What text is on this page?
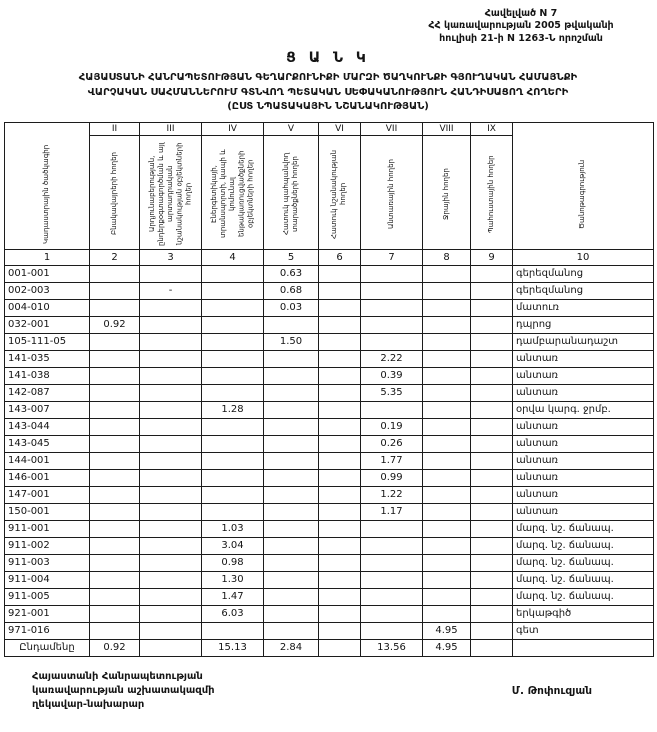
Հավելված N 7
ՀՀ կառավարության 2005 թվականի
հուլիսի 21-ի N 1263-Ն որոշման
Ց Ա Ն Կ
ՀԱՅԱՍՏԱՆԻ ՀԱՆՐԱՊԵՏՈՒԹՅԱՆ ԳԵՂԱՐՔՈՒՆԻՔԻ ՄԱՐԶԻ ԾԱՂԿՈՒՆՔԻ ԳՅՈՒՂԱԿԱՆ ՀԱՄԱՅՆՔԻ
ՎԱՐՉԱԿԱՆ ՍԱՀՄԱՆՆԵՐՈՒՄ ԳՏՆՎՈՂ ՊԵՏԱԿԱՆ ՍԵՓԱԿԱՆՈՒԹՅՈՒՆ ՀԱՆԴԻՍԱՑՈՂ ՀՈՂԵՐԻ
(ԸՍՏ ՆՊԱՏԱԿԱՅԻՆ ՆՇԱՆԱԿՈՒԹՅԱՆ)
Կադաստրային ծածկագիր	II	III	IV	V	VI	VII	VIII	IX	Ծանոթագրություն

	Բնակավայրերի հողեր	Արդյունաբերության, ընդերքօգտագործման և այլ արտադրական նշանակության օբյեկտների հողեր	Էներգետիկայի, տրանսպորտի, կապի և կոմունալ ենթակառուցվածքների օբյեկտների հողեր	Հատուկ պահպանվող տարածքների հողեր	Հատուկ նշանակության հողեր	Անտառային հողեր	Ջրային հողեր	Պահուստային հողեր	

1	2	3	4	5	6	7	8	9	10
001-001				0.63					գերեզմանոց
002-003		-		0.68					գերեզմանոց
004-010				0.03					մատուռ
032-001	0.92								դպրոց
105-111-05				1.50					դամբարանադաշտ
141-035						2.22			անտառ
141-038						0.39			անտառ
142-087						5.35			անտառ
143-007			1.28						օրվա կարգ. ջրմբ.
143-044						0.19			անտառ
143-045						0.26			անտառ
144-001						1.77			անտառ
146-001						0.99			անտառ
147-001						1.22			անտառ
150-001						1.17			անտառ
911-001			1.03						մարզ. նշ. ճանապ.
911-002			3.04						մարզ. նշ. ճանապ.
911-003			0.98						մարզ. նշ. ճանապ.
911-004			1.30						մարզ. նշ. ճանապ.
911-005			1.47						մարզ. նշ. ճանապ.
921-001			6.03						երկաթգիծ
971-016							4.95		գետ
Ընդամենը	0.92		15.13	2.84		13.56	4.95		
Հայաստանի Հանրապետության
կառավարության աշխատակազմի
ղեկավար-նախարար
Մ. Թոփուզյան
